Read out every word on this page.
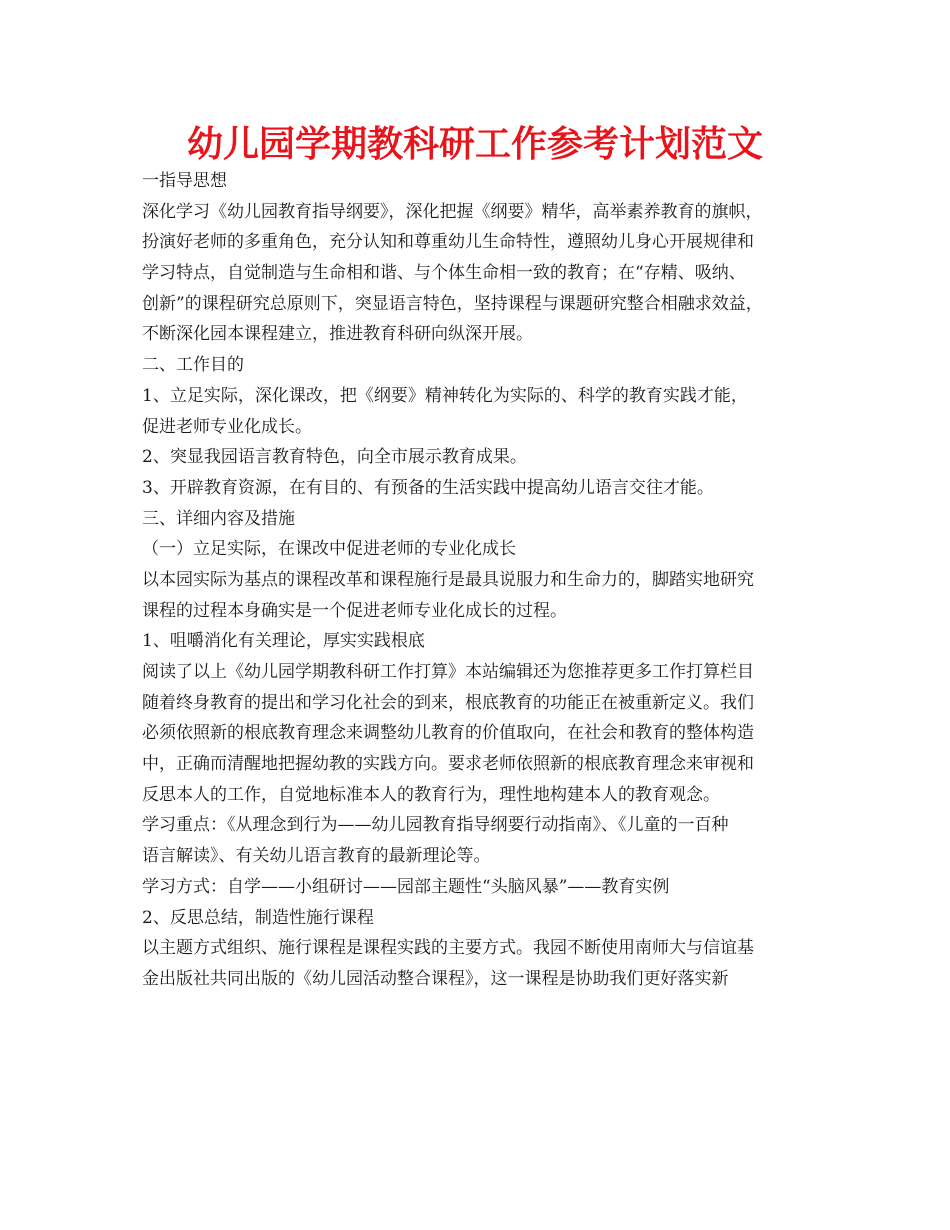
幼儿园学期教科研工作参考计划范文

一指导思想

深化学习《幼儿园教育指导纲要》，深化把握《纲要》精华，高举素养教育的旗帜，

扮演好老师的多重角色，充分认知和尊重幼儿生命特性，遵照幼儿身心开展规律和

学习特点，自觉制造与生命相和谐、与个体生命相一致的教育；在“存精、吸纳、

创新”的课程研究总原则下，突显语言特色，坚持课程与课题研究整合相融求效益，

不断深化园本课程建立，推进教育科研向纵深开展。

二、工作目的

1、立足实际，深化课改，把《纲要》精神转化为实际的、科学的教育实践才能，

促进老师专业化成长。

2、突显我园语言教育特色，向全市展示教育成果。

3、开辟教育资源，在有目的、有预备的生活实践中提高幼儿语言交往才能。

三、详细内容及措施

（一）立足实际，在课改中促进老师的专业化成长

以本园实际为基点的课程改革和课程施行是最具说服力和生命力的，脚踏实地研究

课程的过程本身确实是一个促进老师专业化成长的过程。

1、咀嚼消化有关理论，厚实实践根底

阅读了以上《幼儿园学期教科研工作打算》本站编辑还为您推荐更多工作打算栏目

随着终身教育的提出和学习化社会的到来，根底教育的功能正在被重新定义。我们

必须依照新的根底教育理念来调整幼儿教育的价值取向，在社会和教育的整体构造

中，正确而清醒地把握幼教的实践方向。要求老师依照新的根底教育理念来审视和

反思本人的工作，自觉地标准本人的教育行为，理性地构建本人的教育观念。

学习重点：《从理念到行为——幼儿园教育指导纲要行动指南》、《儿童的一百种

语言解读》、有关幼儿语言教育的最新理论等。

学习方式：自学——小组研讨——园部主题性“头脑风暴”——教育实例

2、反思总结，制造性施行课程

以主题方式组织、施行课程是课程实践的主要方式。我园不断使用南师大与信谊基

金出版社共同出版的《幼儿园活动整合课程》，这一课程是协助我们更好落实新
